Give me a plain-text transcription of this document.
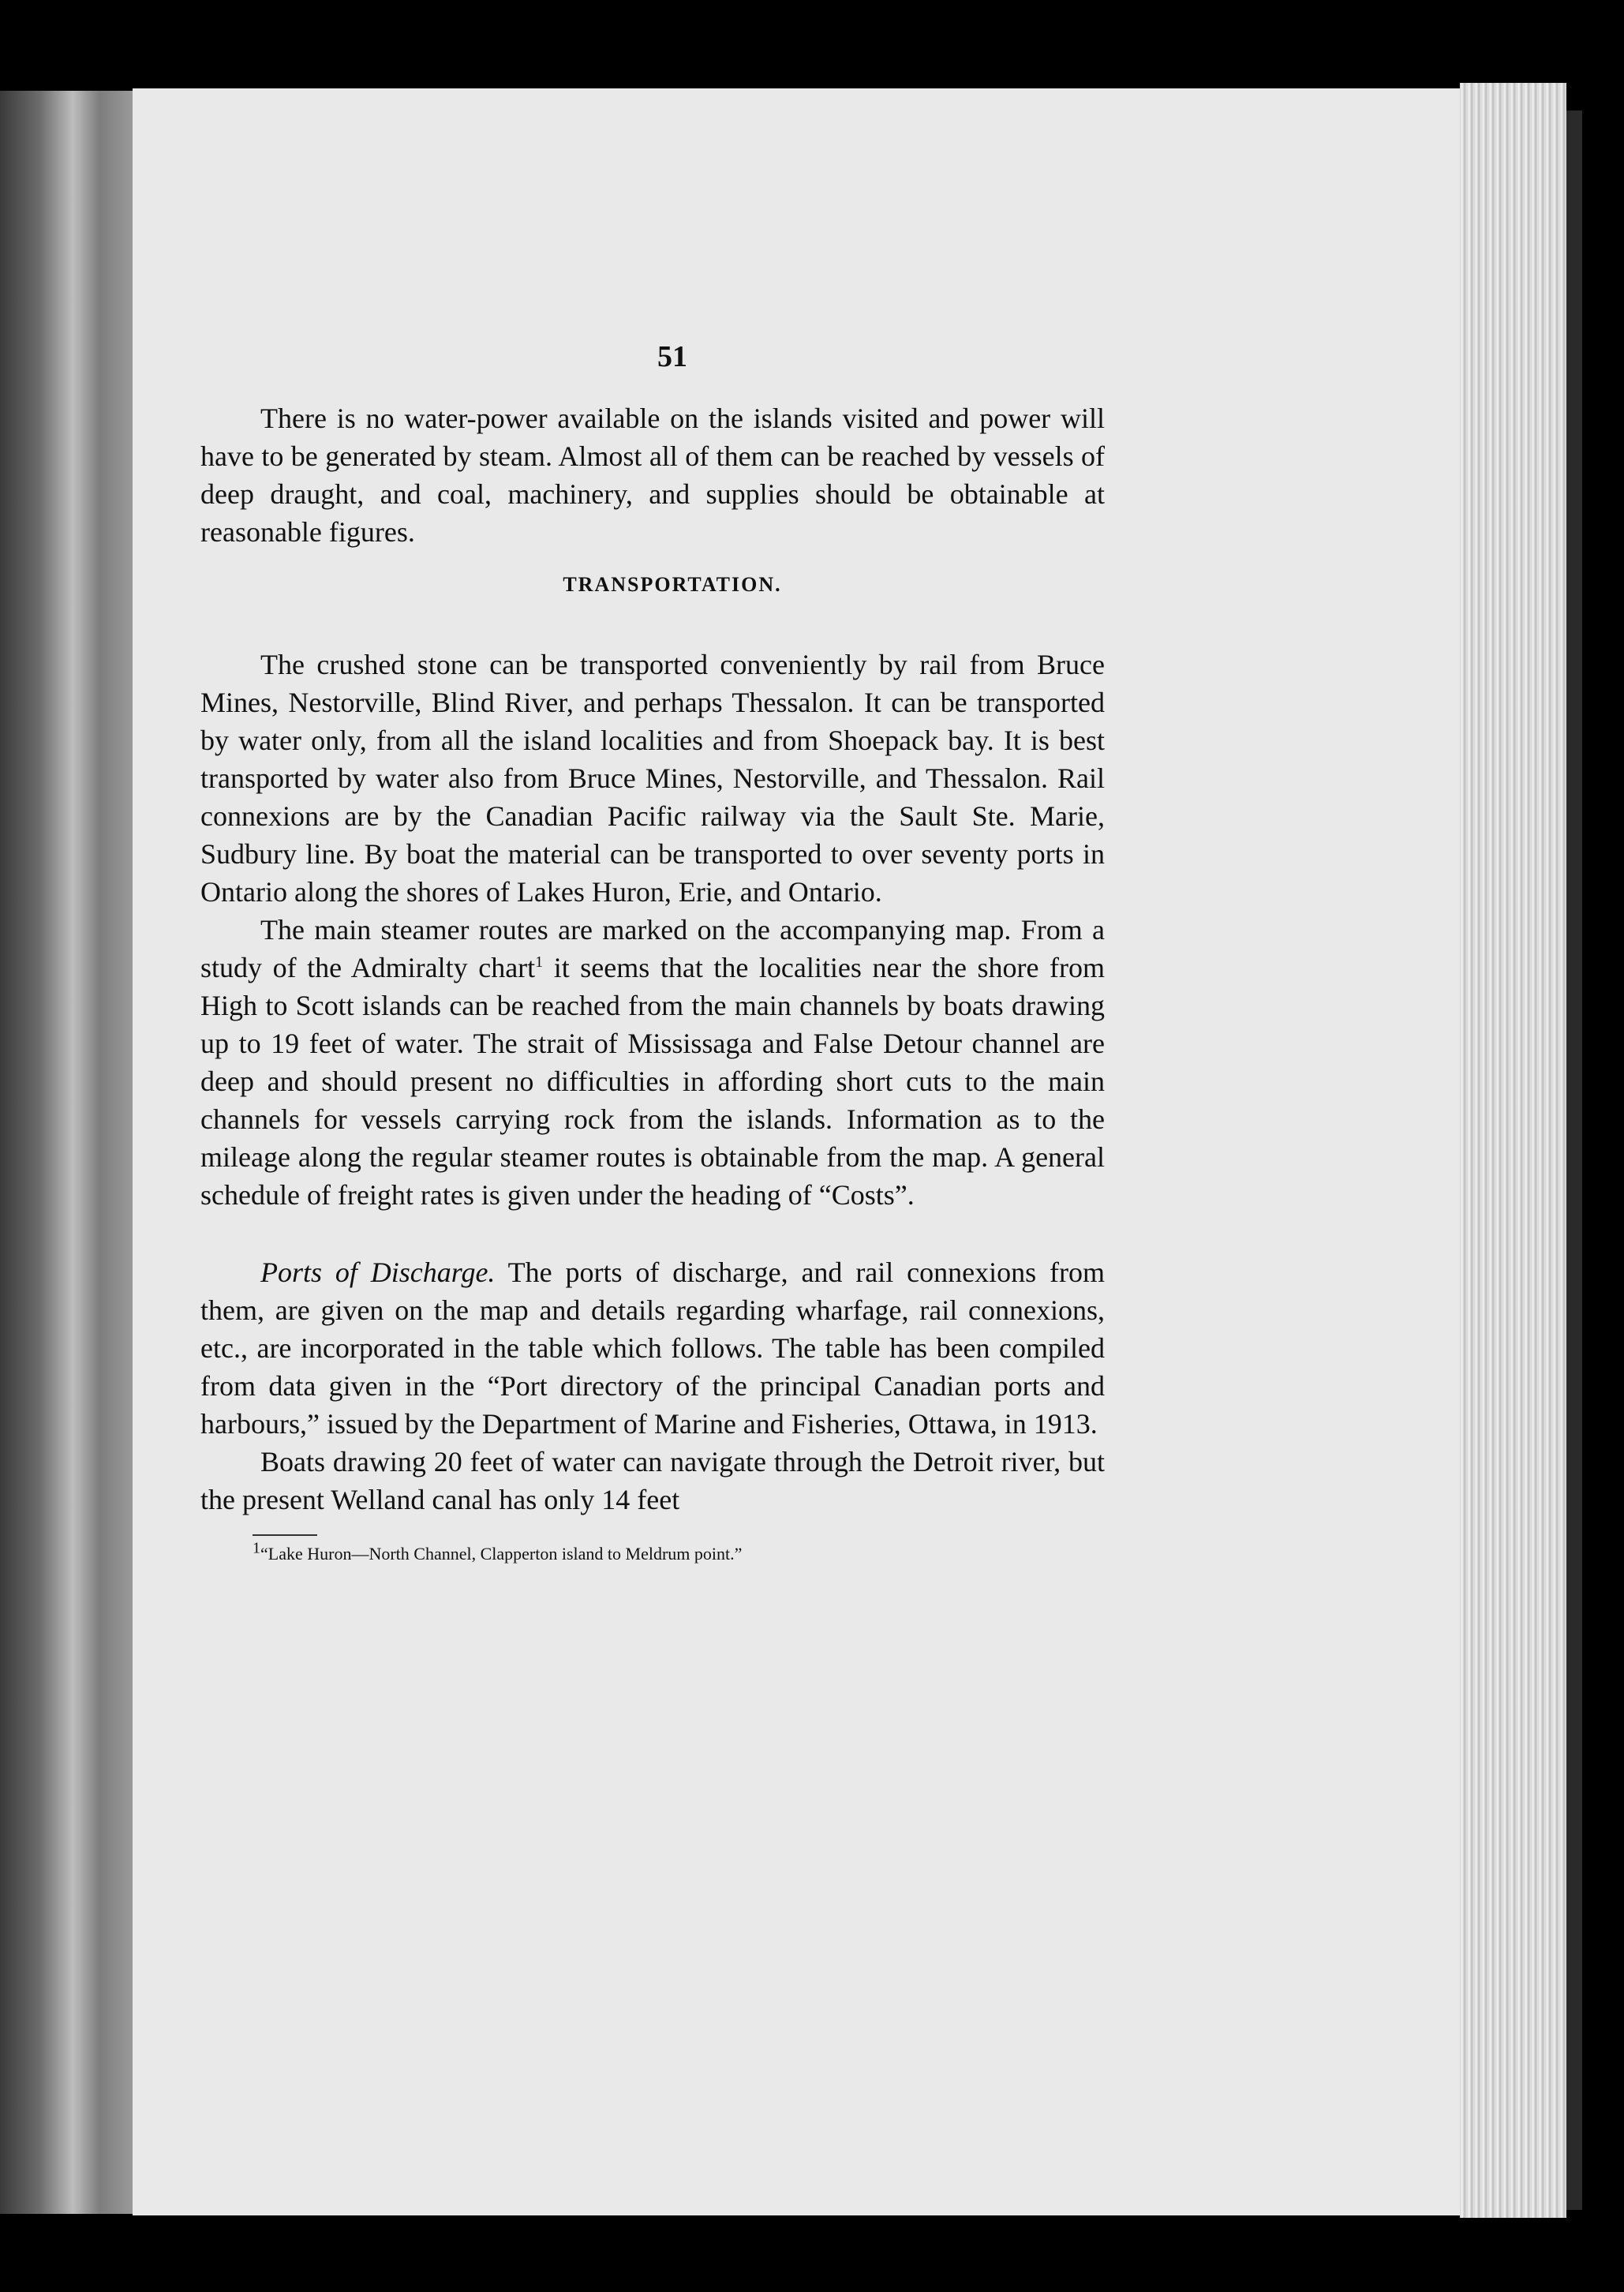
51

There is no water-power available on the islands visited and power will have to be generated by steam. Almost all of them can be reached by vessels of deep draught, and coal, machinery, and supplies should be obtainable at reasonable figures.

TRANSPORTATION.

The crushed stone can be transported conveniently by rail from Bruce Mines, Nestorville, Blind River, and perhaps Thessalon. It can be transported by water only, from all the island localities and from Shoepack bay. It is best transported by water also from Bruce Mines, Nestorville, and Thessalon. Rail connexions are by the Canadian Pacific railway via the Sault Ste. Marie, Sudbury line. By boat the material can be transported to over seventy ports in Ontario along the shores of Lakes Huron, Erie, and Ontario.

The main steamer routes are marked on the accompanying map. From a study of the Admiralty chart$^1$ it seems that the localities near the shore from High to Scott islands can be reached from the main channels by boats drawing up to 19 feet of water. The strait of Mississaga and False Detour channel are deep and should present no difficulties in affording short cuts to the main channels for vessels carrying rock from the islands. Information as to the mileage along the regular steamer routes is obtainable from the map. A general schedule of freight rates is given under the heading of “Costs”.

Ports of Discharge. The ports of discharge, and rail connexions from them, are given on the map and details regarding wharfage, rail connexions, etc., are incorporated in the table which follows. The table has been compiled from data given in the “Port directory of the principal Canadian ports and harbours,” issued by the Department of Marine and Fisheries, Ottawa, in 1913.

Boats drawing 20 feet of water can navigate through the Detroit river, but the present Welland canal has only 14 feet

$^1$“Lake Huron—North Channel, Clapperton island to Meldrum point.”
